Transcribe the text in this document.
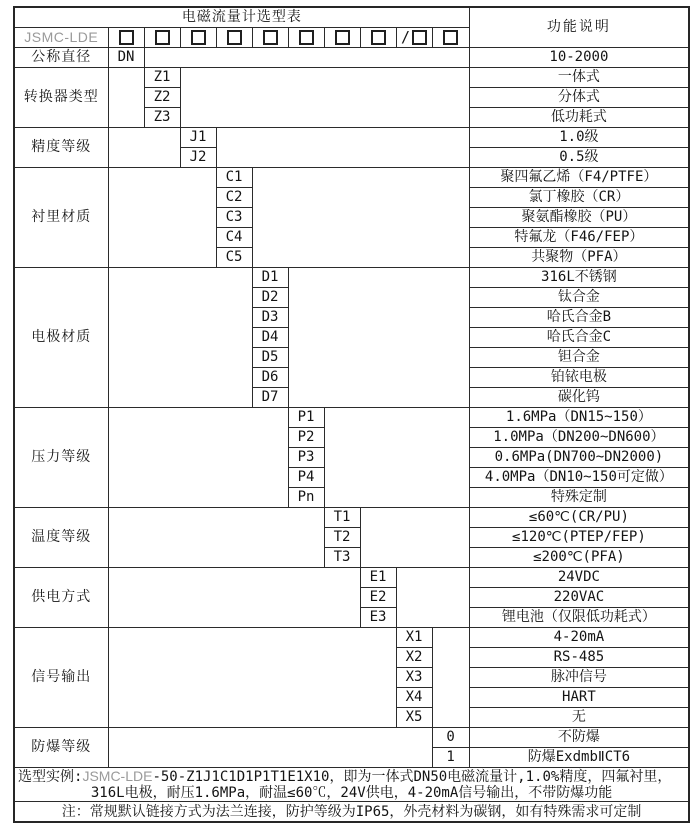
电磁流量计选型表											功能说明
JSMC-LDE									/		
公称直径	DN										10-2000
转换器类型		Z1									一体式
		Z2									分体式
		Z3									低功耗式
精度等级			J1								1.0级
			J2								0.5级
衬里材质				C1							聚四氟乙烯（F4/PTFE）
				C2							氯丁橡胶（CR）
				C3							聚氨酯橡胶（PU）
				C4							特氟龙（F46/FEP）
				C5							共聚物（PFA）
电极材质					D1						316L不锈钢
					D2						钛合金
					D3						哈氏合金B
					D4						哈氏合金C
					D5						钽合金
					D6						铂铱电极
					D7						碳化钨
压力等级						P1					1.6MPa（DN15~150）
						P2					1.0MPa（DN200~DN600）
						P3					0.6MPa(DN700~DN2000)
						P4					4.0MPa（DN10~150可定做）
						Pn					特殊定制
温度等级							T1				≤60℃(CR/PU)
							T2				≤120℃(PTEP/FEP)
							T3				≤200℃(PFA)
供电方式								E1			24VDC
								E2			220VAC
								E3			锂电池（仅限低功耗式）
信号输出									X1		4-20mA
									X2		RS-485
									X3		脉冲信号
									X4		HART
									X5		无
防爆等级										0	不防爆
										1	防爆ExdmbⅡCT6

选型实例:JSMC-LDE-50-Z1J1C1D1P1T1E1X10，即为一体式DN50电磁流量计,1.0%精度，四氟衬里，
316L电极，耐压1.6MPa，耐温≤60℃，24V供电，4-20mA信号输出，不带防爆功能											

注：常规默认链接方式为法兰连接，防护等级为IP65，外壳材料为碳钢，如有特殊需求可定制											
